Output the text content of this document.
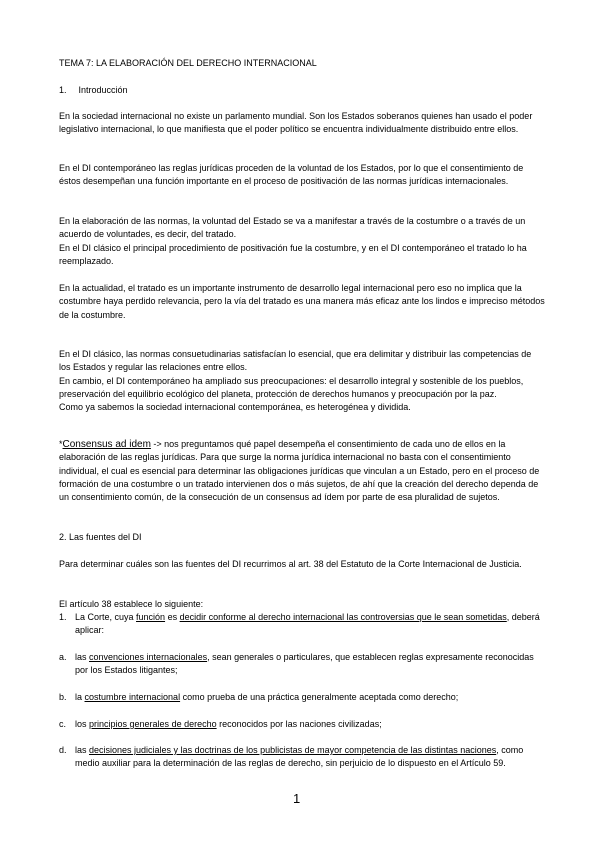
TEMA 7: LA ELABORACIÓN DEL DERECHO INTERNACIONAL

1. Introducción

En la sociedad internacional no existe un parlamento mundial. Son los Estados soberanos quienes han usado el poder legislativo internacional, lo que manifiesta que el poder político se encuentra individualmente distribuido entre ellos.

En el DI contemporáneo las reglas jurídicas proceden de la voluntad de los Estados, por lo que el consentimiento de éstos desempeñan una función importante en el proceso de positivación de las normas jurídicas internacionales.

En la elaboración de las normas, la voluntad del Estado se va a manifestar a través de la costumbre o a través de un acuerdo de voluntades, es decir, del tratado.
En el DI clásico el principal procedimiento de positivación fue la costumbre, y en el DI contemporáneo el tratado lo ha reemplazado.

En la actualidad, el tratado es un importante instrumento de desarrollo legal internacional pero eso no implica que la costumbre haya perdido relevancia, pero la vía del tratado es una manera más eficaz ante los lindos e impreciso métodos de la costumbre.

En el DI clásico, las normas consuetudinarias satisfacían lo esencial, que era delimitar y distribuir las competencias de los Estados y regular las relaciones entre ellos.
En cambio, el DI contemporáneo ha ampliado sus preocupaciones: el desarrollo integral y sostenible de los pueblos, preservación del equilibrio ecológico del planeta, protección de derechos humanos y preocupación por la paz.
Como ya sabemos la sociedad internacional contemporánea, es heterogénea y dividida.

*Consensus ad idem -> nos preguntamos qué papel desempeña el consentimiento de cada uno de ellos en la elaboración de las reglas jurídicas. Para que surge la norma jurídica internacional no basta con el consentimiento individual, el cual es esencial para determinar las obligaciones jurídicas que vinculan a un Estado, pero en el proceso de formación de una costumbre o un tratado intervienen dos o más sujetos, de ahí que la creación del derecho dependa de un consentimiento común, de la consecución de un consensus ad ídem por parte de esa pluralidad de sujetos.

2. Las fuentes del DI

Para determinar cuáles son las fuentes del DI recurrimos al art. 38 del Estatuto de la Corte Internacional de Justicia.

El artículo 38 establece lo siguiente:

1. La Corte, cuya función es decidir conforme al derecho internacional las controversias que le sean sometidas, deberá aplicar:
a. las convenciones internacionales, sean generales o particulares, que establecen reglas expresamente reconocidas por los Estados litigantes;
b. la costumbre internacional como prueba de una práctica generalmente aceptada como derecho;
c. los principios generales de derecho reconocidos por las naciones civilizadas;
d. las decisiones judiciales y las doctrinas de los publicistas de mayor competencia de las distintas naciones, como medio auxiliar para la determinación de las reglas de derecho, sin perjuicio de lo dispuesto en el Artículo 59.
1
